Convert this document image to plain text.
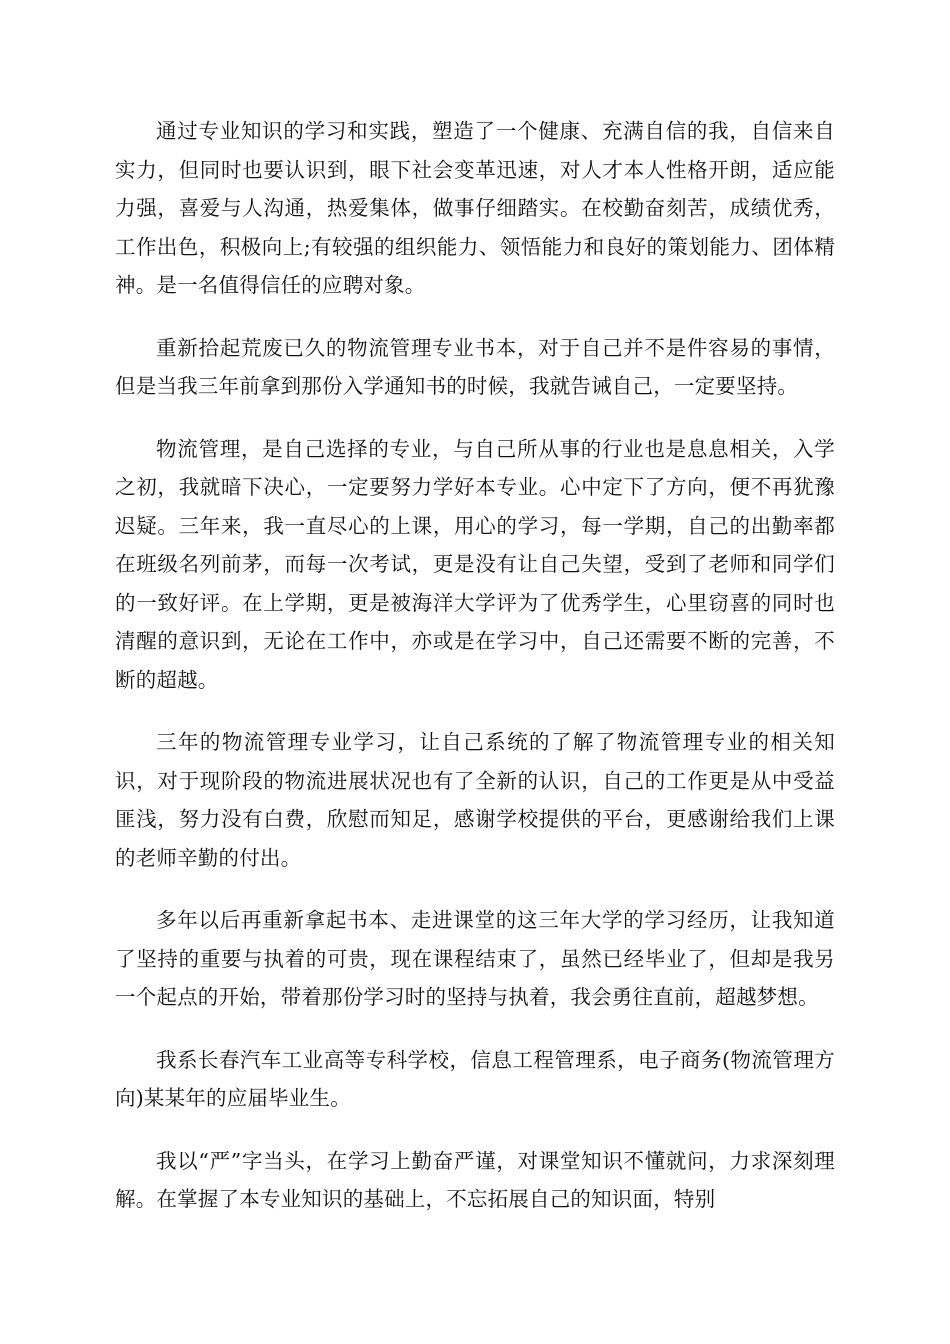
通过专业知识的学习和实践，塑造了一个健康、充满自信的我，自信来自实力，但同时也要认识到，眼下社会变革迅速，对人才本人性格开朗，适应能力强，喜爱与人沟通，热爱集体，做事仔细踏实。在校勤奋刻苦，成绩优秀，工作出色，积极向上;有较强的组织能力、领悟能力和良好的策划能力、团体精神。是一名值得信任的应聘对象。

重新拾起荒废已久的物流管理专业书本，对于自己并不是件容易的事情，但是当我三年前拿到那份入学通知书的时候，我就告诫自己，一定要坚持。

物流管理，是自己选择的专业，与自己所从事的行业也是息息相关，入学之初，我就暗下决心，一定要努力学好本专业。心中定下了方向，便不再犹豫迟疑。三年来，我一直尽心的上课，用心的学习，每一学期，自己的出勤率都在班级名列前茅，而每一次考试，更是没有让自己失望，受到了老师和同学们的一致好评。在上学期，更是被海洋大学评为了优秀学生，心里窃喜的同时也清醒的意识到，无论在工作中，亦或是在学习中，自己还需要不断的完善，不断的超越。

三年的物流管理专业学习，让自己系统的了解了物流管理专业的相关知识，对于现阶段的物流进展状况也有了全新的认识，自己的工作更是从中受益匪浅，努力没有白费，欣慰而知足，感谢学校提供的平台，更感谢给我们上课的老师辛勤的付出。

多年以后再重新拿起书本、走进课堂的这三年大学的学习经历，让我知道了坚持的重要与执着的可贵，现在课程结束了，虽然已经毕业了，但却是我另一个起点的开始，带着那份学习时的坚持与执着，我会勇往直前，超越梦想。

我系长春汽车工业高等专科学校，信息工程管理系，电子商务(物流管理方向)某某年的应届毕业生。

我以“严”字当头，在学习上勤奋严谨，对课堂知识不懂就问，力求深刻理解。在掌握了本专业知识的基础上，不忘拓展自己的知识面，特别
